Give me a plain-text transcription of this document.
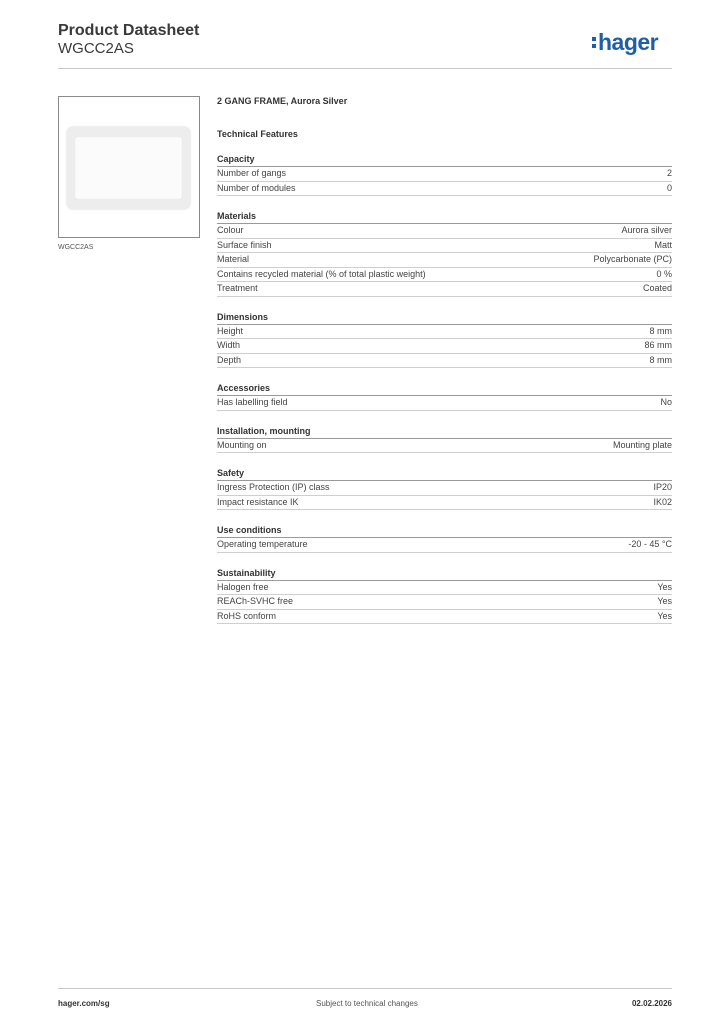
Product Datasheet
WGCC2AS	hager
WGCC2AS
2 GANG FRAME, Aurora Silver
Technical Features
Capacity
Number of gangs	2
Number of modules	0
Materials
Colour	Aurora silver
Surface finish	Matt
Material	Polycarbonate (PC)
Contains recycled material (% of total plastic weight)	0 %
Treatment	Coated
Dimensions
Height	8 mm
Width	86 mm
Depth	8 mm
Accessories
Has labelling field	No
Installation, mounting
Mounting on	Mounting plate
Safety
Ingress Protection (IP) class	IP20
Impact resistance IK	IK02
Use conditions
Operating temperature	-20 - 45 °C
Sustainability
Halogen free	Yes
REACh-SVHC free	Yes
RoHS conform	Yes
hager.com/sg	Subject to technical changes	02.02.2026
